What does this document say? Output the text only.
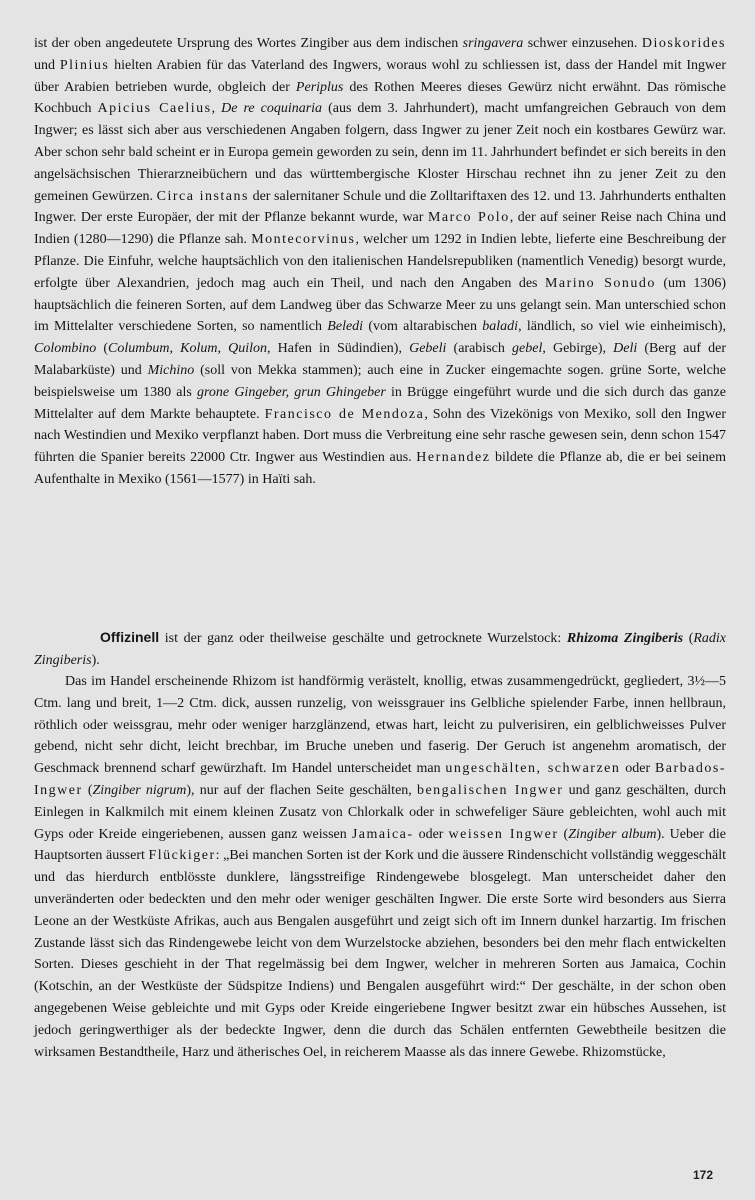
ist der oben angedeutete Ursprung des Wortes Zingiber aus dem indischen sringavera schwer einzusehen. Dioskorides und Plinius hielten Arabien für das Vaterland des Ingwers, woraus wohl zu schliessen ist, dass der Handel mit Ingwer über Arabien betrieben wurde, obgleich der Periplus des Rothen Meeres dieses Gewürz nicht erwähnt. Das römische Kochbuch Apicius Caelius, De re coquinaria (aus dem 3. Jahrhundert), macht umfangreichen Gebrauch von dem Ingwer; es lässt sich aber aus verschiedenen Angaben folgern, dass Ingwer zu jener Zeit noch ein kostbares Gewürz war. Aber schon sehr bald scheint er in Europa gemein geworden zu sein, denn im 11. Jahrhundert befindet er sich bereits in den angelsächsischen Thierarzneibüchern und das württembergische Kloster Hirschau rechnet ihn zu jener Zeit zu den gemeinen Gewürzen. Circa instans der salernitaner Schule und die Zolltariftaxen des 12. und 13. Jahrhunderts enthalten Ingwer. Der erste Europäer, der mit der Pflanze bekannt wurde, war Marco Polo, der auf seiner Reise nach China und Indien (1280—1290) die Pflanze sah. Montecorvinus, welcher um 1292 in Indien lebte, lieferte eine Beschreibung der Pflanze. Die Einfuhr, welche hauptsächlich von den italienischen Handelsrepubliken (namentlich Venedig) besorgt wurde, erfolgte über Alexandrien, jedoch mag auch ein Theil, und nach den Angaben des Marino Sonudo (um 1306) hauptsächlich die feineren Sorten, auf dem Landweg über das Schwarze Meer zu uns gelangt sein. Man unterschied schon im Mittelalter verschiedene Sorten, so namentlich Beledi (vom altarabischen baladi, ländlich, so viel wie einheimisch), Colombino (Columbum, Kolum, Quilon, Hafen in Südindien), Gebeli (arabisch gebel, Gebirge), Deli (Berg auf der Malabarküste) und Michino (soll von Mekka stammen); auch eine in Zucker eingemachte sogen. grüne Sorte, welche beispielsweise um 1380 als grone Gingeber, grun Ghingeber in Brügge eingeführt wurde und die sich durch das ganze Mittelalter auf dem Markte behauptete. Francisco de Mendoza, Sohn des Vizekönigs von Mexiko, soll den Ingwer nach Westindien und Mexiko verpflanzt haben. Dort muss die Verbreitung eine sehr rasche gewesen sein, denn schon 1547 führten die Spanier bereits 22000 Ctr. Ingwer aus Westindien aus. Hernandez bildete die Pflanze ab, die er bei seinem Aufenthalte in Mexiko (1561—1577) in Haïti sah.

Offizinell ist der ganz oder theilweise geschälte und getrocknete Wurzelstock: Rhizoma Zingiberis (Radix Zingiberis).

Das im Handel erscheinende Rhizom ist handförmig verästelt, knollig, etwas zusammengedrückt, gegliedert, 3½—5 Ctm. lang und breit, 1—2 Ctm. dick, aussen runzelig, von weissgrauer ins Gelbliche spielender Farbe, innen hellbraun, röthlich oder weissgrau, mehr oder weniger harzglänzend, etwas hart, leicht zu pulverisiren, ein gelblichweisses Pulver gebend, nicht sehr dicht, leicht brechbar, im Bruche uneben und faserig. Der Geruch ist angenehm aromatisch, der Geschmack brennend scharf gewürzhaft. Im Handel unterscheidet man ungeschälten, schwarzen oder Barbados-Ingwer (Zingiber nigrum), nur auf der flachen Seite geschälten, bengalischen Ingwer und ganz geschälten, durch Einlegen in Kalkmilch mit einem kleinen Zusatz von Chlorkalk oder in schwefeliger Säure gebleichten, wohl auch mit Gyps oder Kreide eingeriebenen, aussen ganz weissen Jamaica- oder weissen Ingwer (Zingiber album). Ueber die Hauptsorten äussert Flückiger: „Bei manchen Sorten ist der Kork und die äussere Rindenschicht vollständig weggeschält und das hierdurch entblösste dunklere, längsstreifige Rindengewebe blosgelegt. Man unterscheidet daher den unveränderten oder bedeckten und den mehr oder weniger geschälten Ingwer. Die erste Sorte wird besonders aus Sierra Leone an der Westküste Afrikas, auch aus Bengalen ausgeführt und zeigt sich oft im Innern dunkel harzartig. Im frischen Zustande lässt sich das Rindengewebe leicht von dem Wurzelstocke abziehen, besonders bei den mehr flach entwickelten Sorten. Dieses geschieht in der That regelmässig bei dem Ingwer, welcher in mehreren Sorten aus Jamaica, Cochin (Kotschin, an der Westküste der Südspitze Indiens) und Bengalen ausgeführt wird:“ Der geschälte, in der schon oben angegebenen Weise gebleichte und mit Gyps oder Kreide eingeriebene Ingwer besitzt zwar ein hübsches Aussehen, ist jedoch geringwerthiger als der bedeckte Ingwer, denn die durch das Schälen entfernten Gewebtheile besitzen die wirksamen Bestandtheile, Harz und ätherisches Oel, in reicherem Maasse als das innere Gewebe. Rhizomstücke,

172
